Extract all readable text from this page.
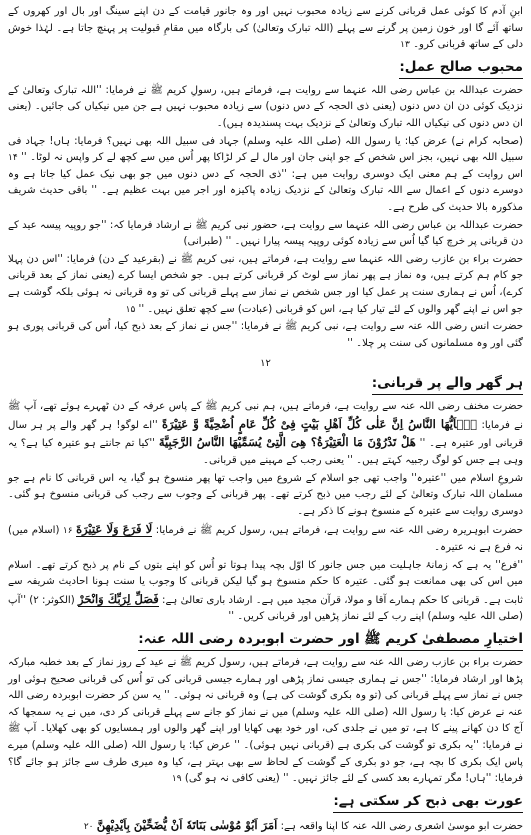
ابنِ آدم کا کوئی عمل قربانی کرنے سے زیادہ محبوب نہیں اور وہ جانور قیامت کے دن اپنے سینگ اور بال اور کھروں کے ساتھ آئے گا اور خون زمین پر گرنے سے پہلے (اللہ تبارک وتعالیٰ) کی بارگاہ میں مقامِ قبولیت پر پہنچ جاتا ہے۔ لہٰذا خوش دلی کے ساتھ قربانی کرو۔ ۱۳

محبوب صالح عمل:

حضرت عبداللہ بن عباس رضی اللہ عنہما سے روایت ہے، فرماتے ہیں، رسولِ کریم ﷺ نے فرمایا: ''اللہ تبارک وتعالیٰ کے نزدیک کوئی دن ان دس دنوں (یعنی ذی الحجہ کے دس دنوں) سے زیادہ محبوب نہیں ہے جن میں نیکیاں کی جائیں۔ (یعنی ان دس دنوں کی نیکیاں اللہ تبارک وتعالیٰ کے نزدیک بہت پسندیدہ ہیں)۔

(صحابہ کرام نے) عرض کیا: یا رسول اللہ (صلی اللہ علیہ وسلم) جہاد فی سبیل اللہ بھی نہیں؟ فرمایا: ہاں! جہاد فی سبیل اللہ بھی نہیں، بجز اس شخص کے جو اپنی جان اور مال لے کر لڑاکا پھر اُس میں سے کچھ لے کر واپس نہ لوٹا۔ '' ۱۴ اس روایت کے ہم معنی ایک دوسری روایت میں ہے: ''ذی الحجہ کے دس دنوں میں جو بھی نیک عمل کیا جاتا ہے وہ دوسرے دنوں کے اعمال سے اللہ تبارک وتعالیٰ کے نزدیک زیادہ پاکیزہ اور اجر میں بہت عظیم ہے۔ '' باقی حدیث شریف مذکورہ بالا حدیث کی طرح ہے۔

حضرت عبداللہ بن عباس رضی اللہ عنہما سے روایت ہے، حضور نبی کریم ﷺ نے ارشاد فرمایا کہ: ''جو روپیہ پیسہ عید کے دن قربانی پر خرچ کیا گیا اُس سے زیادہ کوئی روپیہ پیسہ پیارا نہیں۔ '' (طبرانی)

حضرت براء بن عازب رضی اللہ عنہما سے روایت ہے، فرماتے ہیں، نبی کریم ﷺ نے (بقرعید کے دن) فرمایا: ''اس دن پہلا جو کام ہم کرتے ہیں، وہ نماز ہے پھر نماز سے لوٹ کر قربانی کرتے ہیں۔ جو شخص ایسا کرے (یعنی نماز کے بعد قربانی کرے)، اُس نے ہماری سنت پر عمل کیا اور جس شخص نے نماز سے پہلے قربانی کی تو وہ قربانی نہ ہوئی بلکہ گوشت ہے جو اس نے اپنے گھر والوں کے لئے تیار کیا ہے، اس کو قربانی (عبادت) سے کچھ تعلق نہیں۔ '' ۱۵

حضرت انس رضی اللہ عنہ سے روایت ہے، نبی کریم ﷺ نے فرمایا: ''جس نے نماز کے بعد ذبح کیا، اُس کی قربانی پوری ہو گئی اور وہ مسلمانوں کی سنت پر چلا۔ ''

۱۲
ہر گھر والے پر قربانی:

حضرت مخنف رضی اللہ عنہ سے روایت ہے، فرماتے ہیں، ہم نبی کریم ﷺ کے پاس عرفہ کے دن ٹھہرے ہوئے تھے، آپ ﷺ نے فرمایا: یٰۤاَیُّهَا النَّاسُ اِنَّ عَلٰی كُلِّ اَهْلِ بَیْتٍ فِیْ كُلِّ عَامٍ اُضْحِیَّةً وَّ عَتِیْرَةً ''اے لوگو! ہر گھر والے پر ہر سال قربانی اور عتیرہ ہے۔ '' هَلْ تَدْرُوْنَ مَا الْعَتِیْرَةُ؟ هِیَ الَّتِیْ یُسَمِّیْهَا النَّاسُ الرَّجَبِیَّةَ ''کیا تم جانتے ہو عتیرہ کیا ہے؟ یہ وہی ہے جس کو لوگ رجبیہ کہتے ہیں۔ '' یعنی رجب کے مہینے میں قربانی۔

شروعِ اسلام میں ''عتیرہ'' واجب تھی جو اسلام کے شروع میں واجب تھا پھر منسوخ ہو گیا، یہ اس قربانی کا نام ہے جو مسلمان اللہ تبارک وتعالیٰ کے لئے رجب میں ذبح کرتے تھے۔ پھر قربانی کے وجوب سے رجب کی قربانی منسوخ ہو گئی۔ دوسری روایت سے عتیرہ کے منسوخ ہونے کا ذکر ہے۔

حضرت ابوہریرہ رضی اللہ عنہ سے روایت ہے، فرماتے ہیں، رسول کریم ﷺ نے فرمایا: لَا فَرَعَ وَلَا عَتِیْرَةَ ۱۶ (اسلام میں) نہ فرع ہے نہ عتیرہ۔

''فرع'' یہ ہے کہ زمانۂ جاہلیت میں جس جانور کا اوّل بچہ پیدا ہوتا تو اُس کو اپنے بتوں کے نام پر ذبح کرتے تھے۔ اسلام میں اس کی بھی ممانعت ہو گئی۔ عتیرہ کا حکم منسوخ ہو گیا لیکن قربانی کا وجوب یا سنت ہونا احادیث شریفہ سے ثابت ہے۔ قربانی کا حکم ہمارے آقا و مولا، قرآن مجید میں ہے۔ ارشاد باری تعالیٰ ہے: فَصَلِّ لِرَبِّكَ وَانْحَرْ (الکوثر: ۲) ''آپ (صلی اللہ علیہ وسلم) اپنے رب کے لئے نماز پڑھیں اور قربانی کریں۔ ''

اختیارِ مصطفیٰ کریم ﷺ اور حضرت ابوبردہ رضی اللہ عنہ:

حضرت براء بن عازب رضی اللہ عنہ سے روایت ہے، فرماتے ہیں، رسول کریم ﷺ نے عید کے روز نماز کے بعد خطبہ مبارکہ پڑھا اور ارشاد فرمایا: ''جس نے ہماری جیسی نماز پڑھی اور ہمارے جیسی قربانی کی تو اُس کی قربانی صحیح ہوئی اور جس نے نماز سے پہلے قربانی کی (تو وہ بکری گوشت کی ہے) وہ قربانی نہ ہوئی۔ '' یہ سن کر حضرت ابوبردہ رضی اللہ عنہ نے عرض کیا: یا رسول اللہ (صلی اللہ علیہ وسلم) میں نے نماز کو جانے سے پہلے قربانی کر دی، میں نے یہ سمجھا کہ آج کا دن کھانے پینے کا ہے، تو میں نے جلدی کی، اور خود بھی کھایا اور اپنے گھر والوں اور ہمسایوں کو بھی کھلایا۔ آپ ﷺ نے فرمایا: ''یہ بکری تو گوشت کی بکری ہے (قربانی نہیں ہوئی)۔ '' عرض کیا: یا رسول اللہ (صلی اللہ علیہ وسلم) میرے پاس ایک بکری کا بچہ ہے، جو دو بکری کے گوشت کے لحاظ سے بھی بہتر ہے، کیا وہ میری طرف سے جائز ہو جائے گا؟ فرمایا: ''ہاں! مگر تمہارے بعد کسی کے لئے جائز نہیں۔ '' (یعنی کافی نہ ہو گی) ۱۹

عورت بھی ذبح کر سکتی ہے:

حضرت ابو موسیٰ اشعری رضی اللہ عنہ کا اپنا واقعہ ہے: اَمَرَ اَبُوْ مُوْسٰی بَنَاتَهٗ اَنْ یُّضَحِّیْنَ بِاَیْدِیْهِنَّ ۲۰
